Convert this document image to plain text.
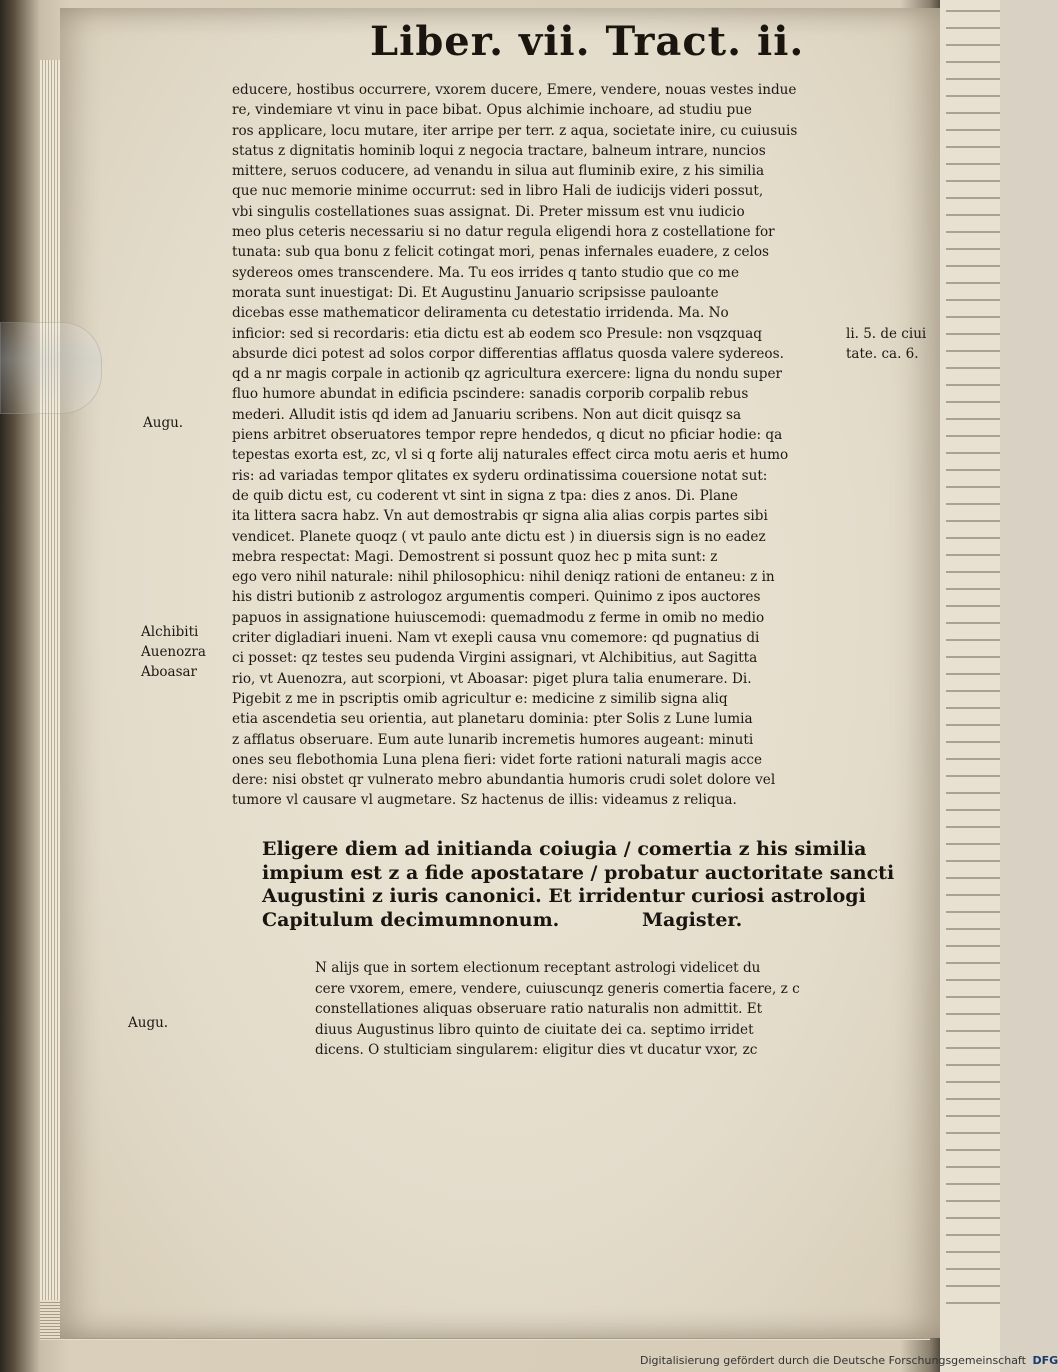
Liber. vii. Tract. ii.
educere, hostibus occurrere, vxorem ducere, Emere, vendere, nouas vestes indue
re, vindemiare vt vinu in pace bibat. Opus alchimie inchoare, ad studiu pue
ros applicare, locu mutare, iter arripe per terr. z aqua, societate inire, cu cuiusuis
status z dignitatis hominib loqui z negocia tractare, balneum intrare, nuncios
mittere, seruos coducere, ad venandu in silua aut fluminib exire, z his similia
que nuc memorie minime occurrut: sed in libro Hali de iudicijs videri possut,
vbi singulis costellationes suas assignat. Di. Preter missum est vnu iudicio
meo plus ceteris necessariu si no datur regula eligendi hora z costellatione for
tunata: sub qua bonu z felicit cotingat mori, penas infernales euadere, z celos
sydereos omes transcendere. Ma. Tu eos irrides q tanto studio que co me
morata sunt inuestigat: Di. Et Augustinu Januario scripsisse pauloante
dicebas esse mathematicor deliramenta cu detestatio irridenda. Ma. No
inficior: sed si recordaris: etia dictu est ab eodem sco Presule: non vsqzquaq
absurde dici potest ad solos corpor differentias afflatus quosda valere sydereos.
qd a nr magis corpale in actionib qz agricultura exercere: ligna du nondu super
fluo humore abundat in edificia pscindere: sanadis corporib corpalib rebus
mederi. Alludit istis qd idem ad Januariu scribens. Non aut dicit quisqz sa
piens arbitret obseruatores tempor repre hendedos, q dicut no pficiar hodie: qa
tepestas exorta est, zc, vl si q forte alij naturales effect circa motu aeris et humo
ris: ad variadas tempor qlitates ex syderu ordinatissima couersione notat sut:
de quib dictu est, cu coderent vt sint in signa z tpa: dies z anos. Di. Plane
ita littera sacra habz. Vn aut demostrabis qr signa alia alias corpis partes sibi
vendicet. Planete quoqz ( vt paulo ante dictu est ) in diuersis sign is no eadez
mebra respectat: Magi. Demostrent si possunt quoz hec p mita sunt: z
ego vero nihil naturale: nihil philosophicu: nihil deniqz rationi de entaneu: z in
his distri butionib z astrologoz argumentis comperi. Quinimo z ipos auctores
papuos in assignatione huiuscemodi: quemadmodu z ferme in omib no medio
criter digladiari inueni. Nam vt exepli causa vnu comemore: qd pugnatius di
ci posset: qz testes seu pudenda Virgini assignari, vt Alchibitius, aut Sagitta
rio, vt Auenozra, aut scorpioni, vt Aboasar: piget plura talia enumerare. Di.
Pigebit z me in pscriptis omib agricultur e: medicine z similib signa aliq
etia ascendetia seu orientia, aut planetaru dominia: pter Solis z Lune lumia
z afflatus obseruare. Eum aute lunarib incremetis humores augeant: minuti
ones seu flebothomia Luna plena fieri: videt forte rationi naturali magis acce
dere: nisi obstet qr vulnerato mebro abundantia humoris crudi solet dolore vel
tumore vl causare vl augmetare. Sz hactenus de illis: videamus z reliqua.
Augu.
li. 5. de ciui
tate. ca. 6.
Alchibiti
Auenozra
Aboasar
Augu.
Eligere diem ad initianda coiugia / comertia z his similia
impium est z a fide apostatare / probatur auctoritate sancti
Augustini z iuris canonici. Et irridentur curiosi astrologi
Capitulum decimumnonum.	Magister.
N alijs que in sortem electionum receptant astrologi videlicet du
cere vxorem, emere, vendere, cuiuscunqz generis comertia facere, z c
constellationes aliquas obseruare ratio naturalis non admittit. Et
diuus Augustinus libro quinto de ciuitate dei ca. septimo irridet
dicens. O stulticiam singularem: eligitur dies vt ducatur vxor, zc
Digitalisierung gefördert durch die Deutsche Forschungsgemeinschaft DFG
